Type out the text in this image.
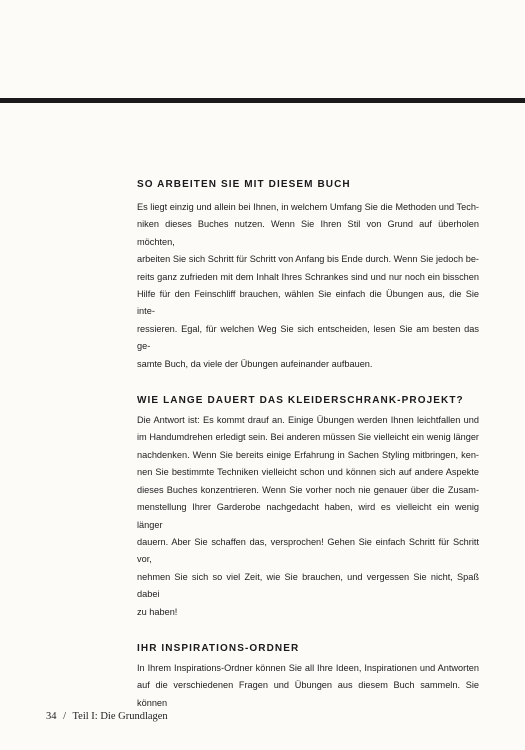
SO ARBEITEN SIE MIT DIESEM BUCH
Es liegt einzig und allein bei Ihnen, in welchem Umfang Sie die Methoden und Tech-
niken dieses Buches nutzen. Wenn Sie Ihren Stil von Grund auf überholen möchten,
arbeiten Sie sich Schritt für Schritt von Anfang bis Ende durch. Wenn Sie jedoch be-
reits ganz zufrieden mit dem Inhalt Ihres Schrankes sind und nur noch ein bisschen
Hilfe für den Feinschliff brauchen, wählen Sie einfach die Übungen aus, die Sie inte-
ressieren. Egal, für welchen Weg Sie sich entscheiden, lesen Sie am besten das ge-
samte Buch, da viele der Übungen aufeinander aufbauen.
WIE LANGE DAUERT DAS KLEIDERSCHRANK-PROJEKT?
Die Antwort ist: Es kommt drauf an. Einige Übungen werden Ihnen leichtfallen und
im Handumdrehen erledigt sein. Bei anderen müssen Sie vielleicht ein wenig länger
nachdenken. Wenn Sie bereits einige Erfahrung in Sachen Styling mitbringen, ken-
nen Sie bestimmte Techniken vielleicht schon und können sich auf andere Aspekte
dieses Buches konzentrieren. Wenn Sie vorher noch nie genauer über die Zusam-
menstellung Ihrer Garderobe nachgedacht haben, wird es vielleicht ein wenig länger
dauern. Aber Sie schaffen das, versprochen! Gehen Sie einfach Schritt für Schritt vor,
nehmen Sie sich so viel Zeit, wie Sie brauchen, und vergessen Sie nicht, Spaß dabei
zu haben!
IHR INSPIRATIONS-ORDNER
In Ihrem Inspirations-Ordner können Sie all Ihre Ideen, Inspirationen und Antworten
auf die verschiedenen Fragen und Übungen aus diesem Buch sammeln. Sie können
34 / Teil I: Die Grundlagen
